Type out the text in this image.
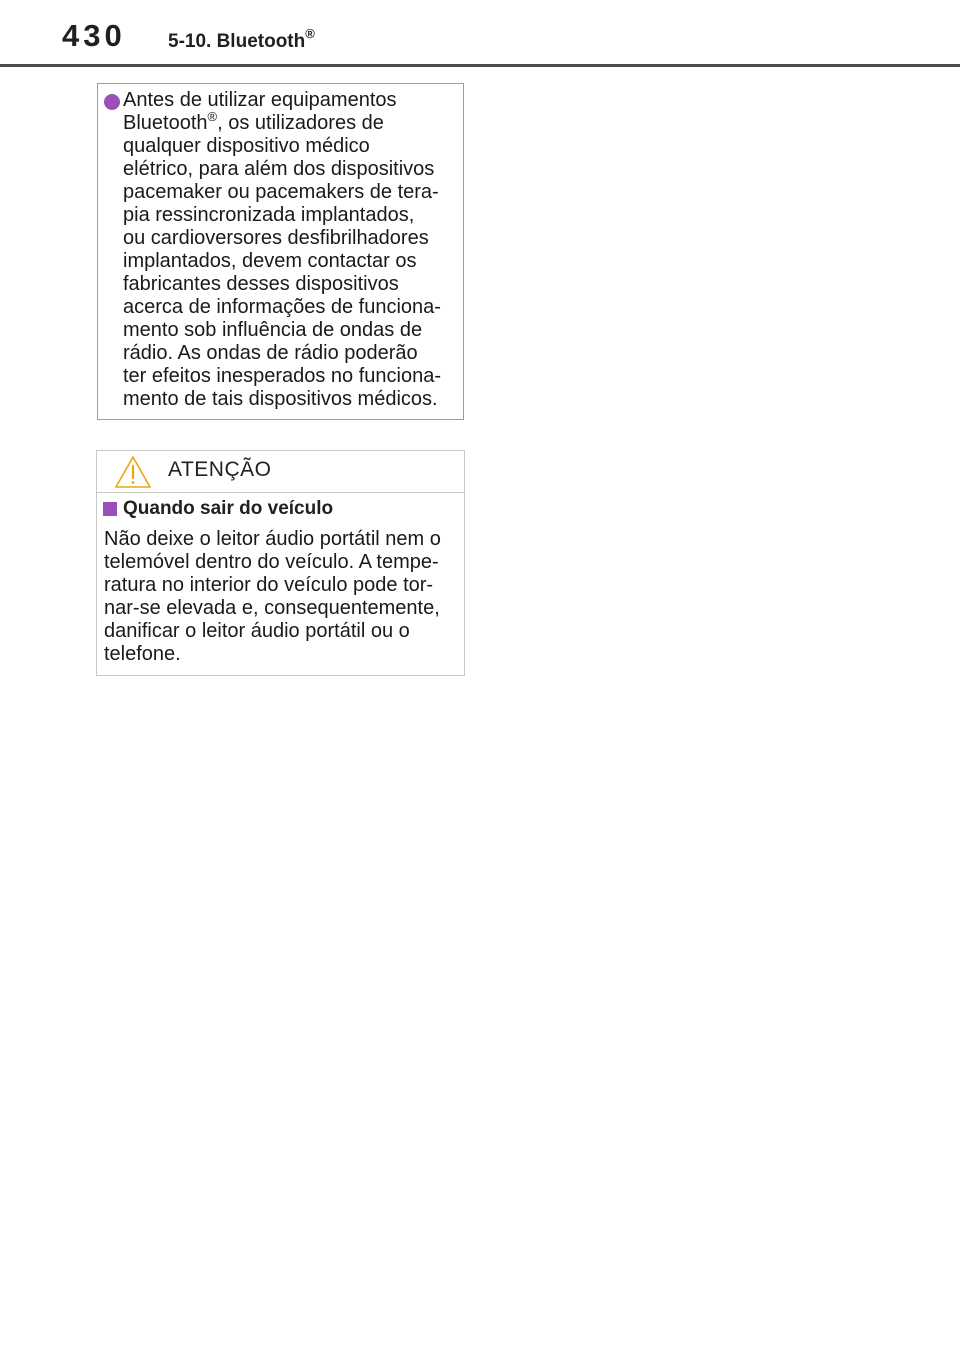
430 5-10. Bluetooth®
Antes de utilizar equipamentos
Bluetooth®, os utilizadores de
qualquer dispositivo médico
elétrico, para além dos dispositivos
pacemaker ou pacemakers de tera-
pia ressincronizada implantados,
ou cardioversores desfibrilhadores
implantados, devem contactar os
fabricantes desses dispositivos
acerca de informações de funciona-
mento sob influência de ondas de
rádio. As ondas de rádio poderão
ter efeitos inesperados no funciona-
mento de tais dispositivos médicos.
ATENÇÃO
Quando sair do veículo
Não deixe o leitor áudio portátil nem o
telemóvel dentro do veículo. A tempe-
ratura no interior do veículo pode tor-
nar-se elevada e, consequentemente,
danificar o leitor áudio portátil ou o
telefone.
